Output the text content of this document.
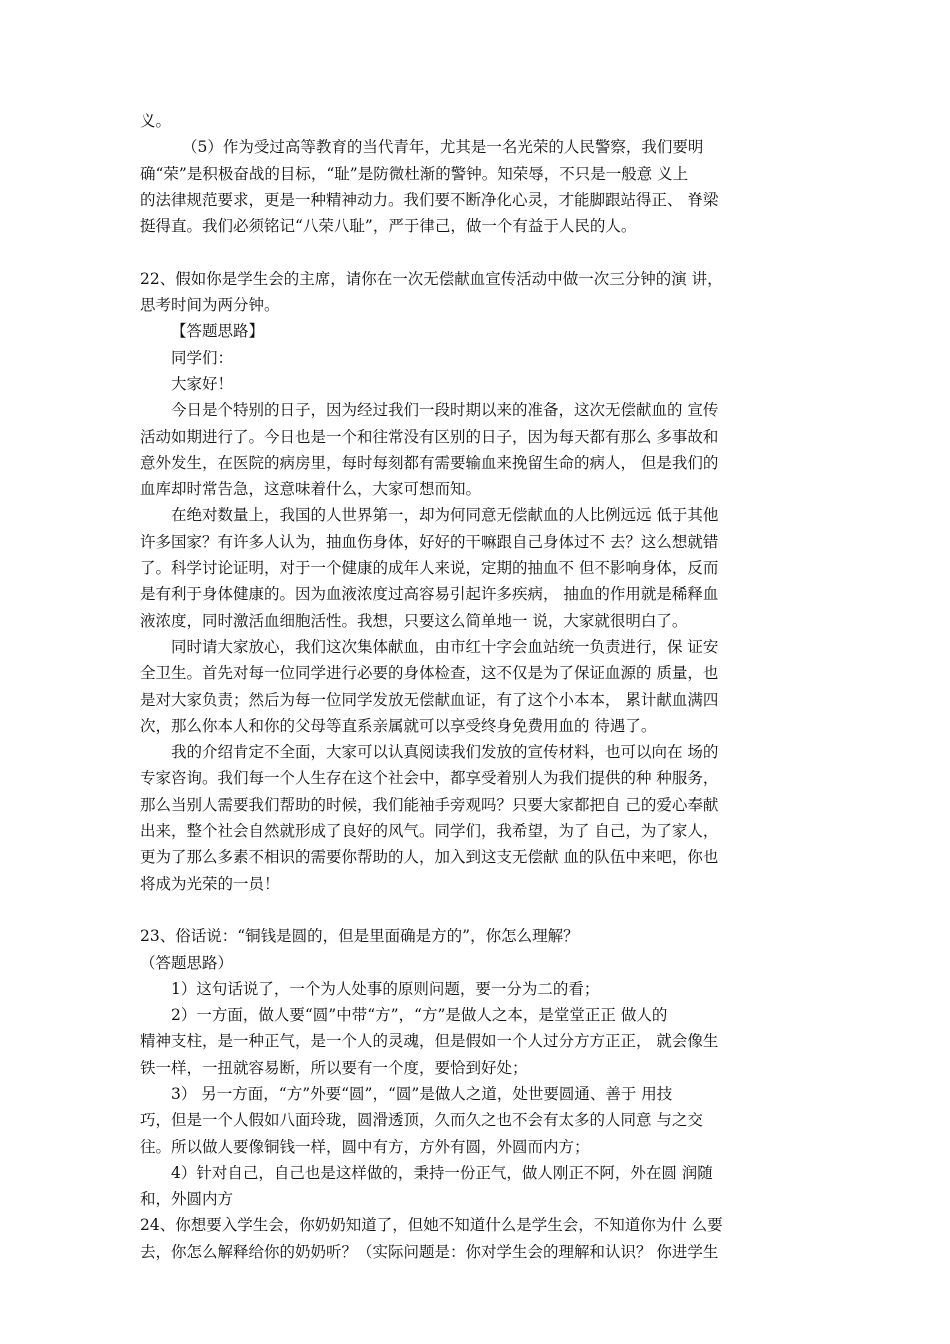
义。
（5）作为受过高等教育的当代青年，尤其是一名光荣的人民警察，我们要明
确“荣”是积极奋战的目标，“耻”是防微杜渐的警钟。知荣辱，不只是一般意 义上
的法律规范要求，更是一种精神动力。我们要不断净化心灵，才能脚跟站得正、 脊梁
挺得直。我们必须铭记“八荣八耻”，严于律己，做一个有益于人民的人。
22、假如你是学生会的主席，请你在一次无偿献血宣传活动中做一次三分钟的演 讲，
思考时间为两分钟。
【答题思路】
同学们：
大家好！
今日是个特别的日子，因为经过我们一段时期以来的准备，这次无偿献血的 宣传
活动如期进行了。今日也是一个和往常没有区别的日子，因为每天都有那么 多事故和
意外发生，在医院的病房里，每时每刻都有需要输血来挽留生命的病人， 但是我们的
血库却时常告急，这意味着什么，大家可想而知。
在绝对数量上，我国的人世界第一，却为何同意无偿献血的人比例远远 低于其他
许多国家？有许多人认为，抽血伤身体，好好的干嘛跟自己身体过不 去？这么想就错
了。科学讨论证明，对于一个健康的成年人来说，定期的抽血不 但不影响身体，反而
是有利于身体健康的。因为血液浓度过高容易引起许多疾病， 抽血的作用就是稀释血
液浓度，同时激活血细胞活性。我想，只要这么简单地一 说，大家就很明白了。
同时请大家放心，我们这次集体献血，由市红十字会血站统一负责进行，保 证安
全卫生。首先对每一位同学进行必要的身体检查，这不仅是为了保证血源的 质量，也
是对大家负责；然后为每一位同学发放无偿献血证，有了这个小本本， 累计献血满四
次，那么你本人和你的父母等直系亲属就可以享受终身免费用血的 待遇了。
我的介绍肯定不全面，大家可以认真阅读我们发放的宣传材料，也可以向在 场的
专家咨询。我们每一个人生存在这个社会中，都享受着别人为我们提供的种 种服务，
那么当别人需要我们帮助的时候，我们能袖手旁观吗？只要大家都把自 己的爱心奉献
出来，整个社会自然就形成了良好的风气。同学们，我希望，为了 自己，为了家人，
更为了那么多素不相识的需要你帮助的人，加入到这支无偿献 血的队伍中来吧，你也
将成为光荣的一员！
23、俗话说：“铜钱是圆的，但是里面确是方的”，你怎么理解？
（答题思路）
1）这句话说了，一个为人处事的原则问题，要一分为二的看；
2）一方面，做人要“圆”中带“方”，“方”是做人之本，是堂堂正正 做人的
精神支柱，是一种正气，是一个人的灵魂，但是假如一个人过分方方正正， 就会像生
铁一样，一扭就容易断，所以要有一个度，要恰到好处；
3） 另一方面，“方”外要“圆”，“圆”是做人之道，处世要圆通、善于 用技
巧，但是一个人假如八面玲珑，圆滑透顶，久而久之也不会有太多的人同意 与之交
往。所以做人要像铜钱一样，圆中有方，方外有圆，外圆而内方；
4）针对自己，自己也是这样做的，秉持一份正气，做人刚正不阿，外在圆 润随
和，外圆内方
24、你想要入学生会，你奶奶知道了，但她不知道什么是学生会，不知道你为什 么要
去，你怎么解释给你的奶奶听？（实际问题是：你对学生会的理解和认识？ 你进学生
